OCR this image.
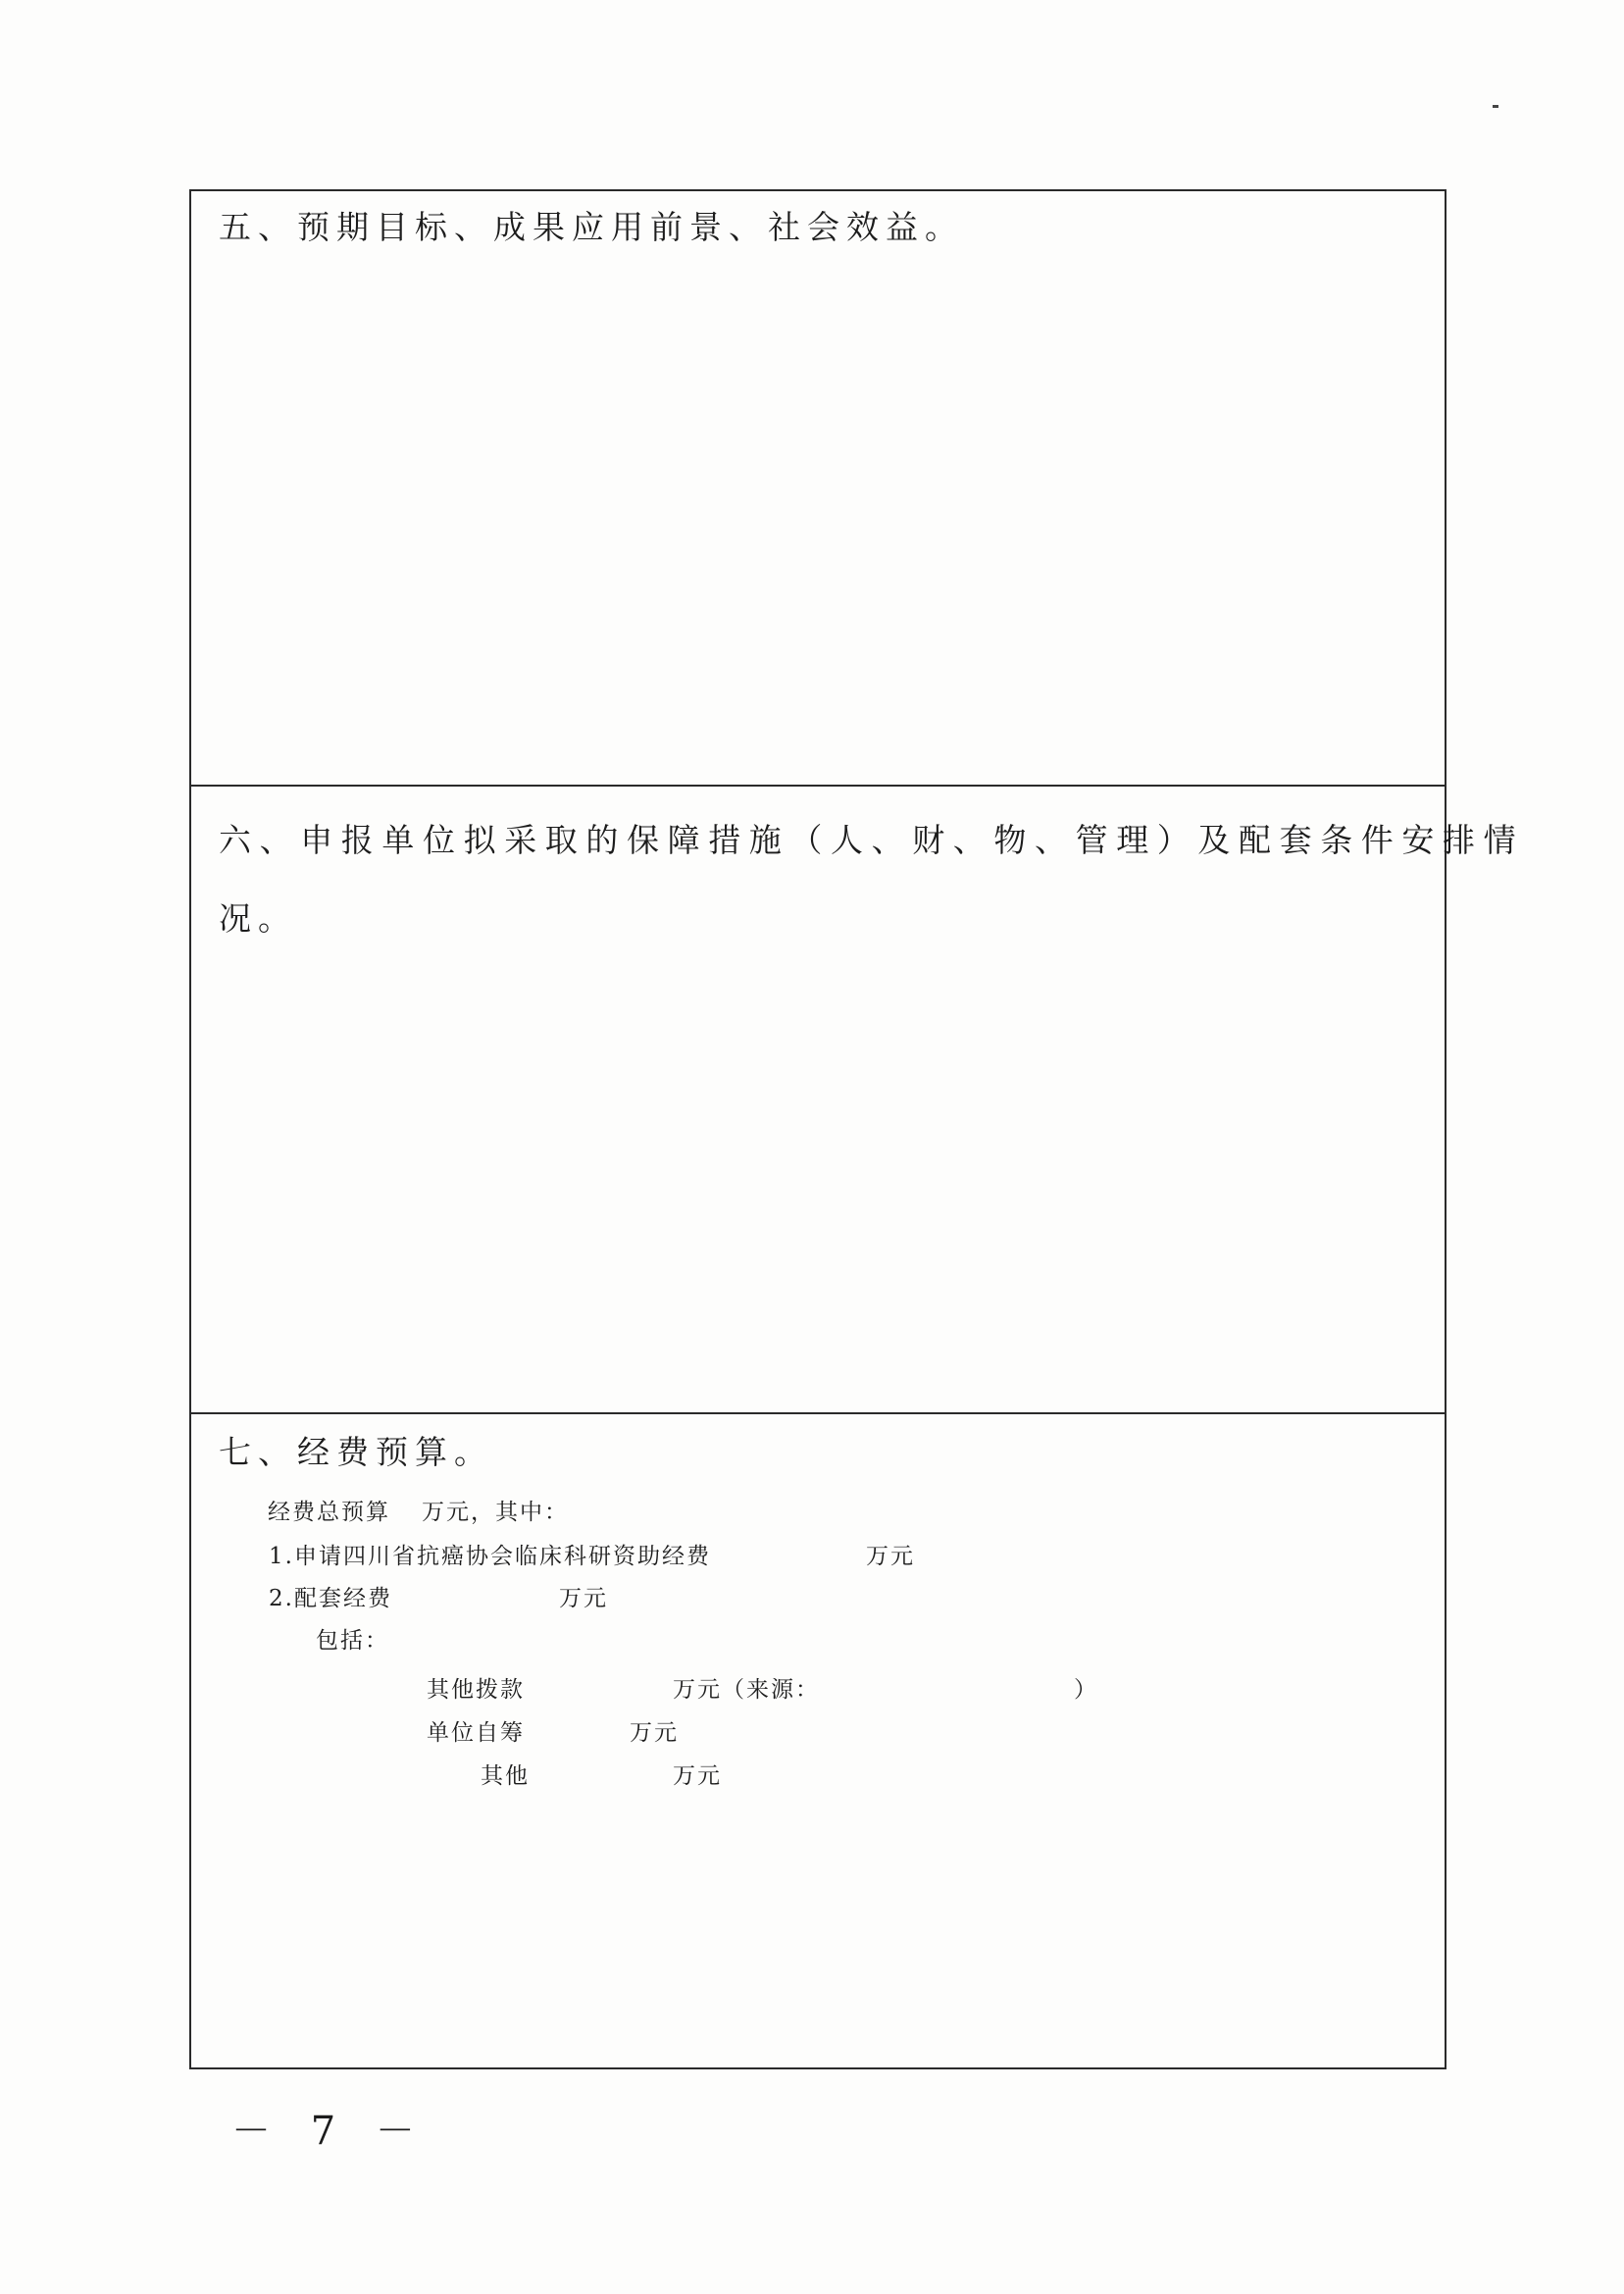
五、预期目标、成果应用前景、社会效益。
六、申报单位拟采取的保障措施（人、财、物、管理）及配套条件安排情
况。
七、经费预算。
经费总预算 万元，其中：
1.申请四川省抗癌协会临床科研资助经费	万元
2.配套经费	万元
包括：
其他拨款	万元（来源：	）
单位自筹	万元
其他	万元
－ 7 －
